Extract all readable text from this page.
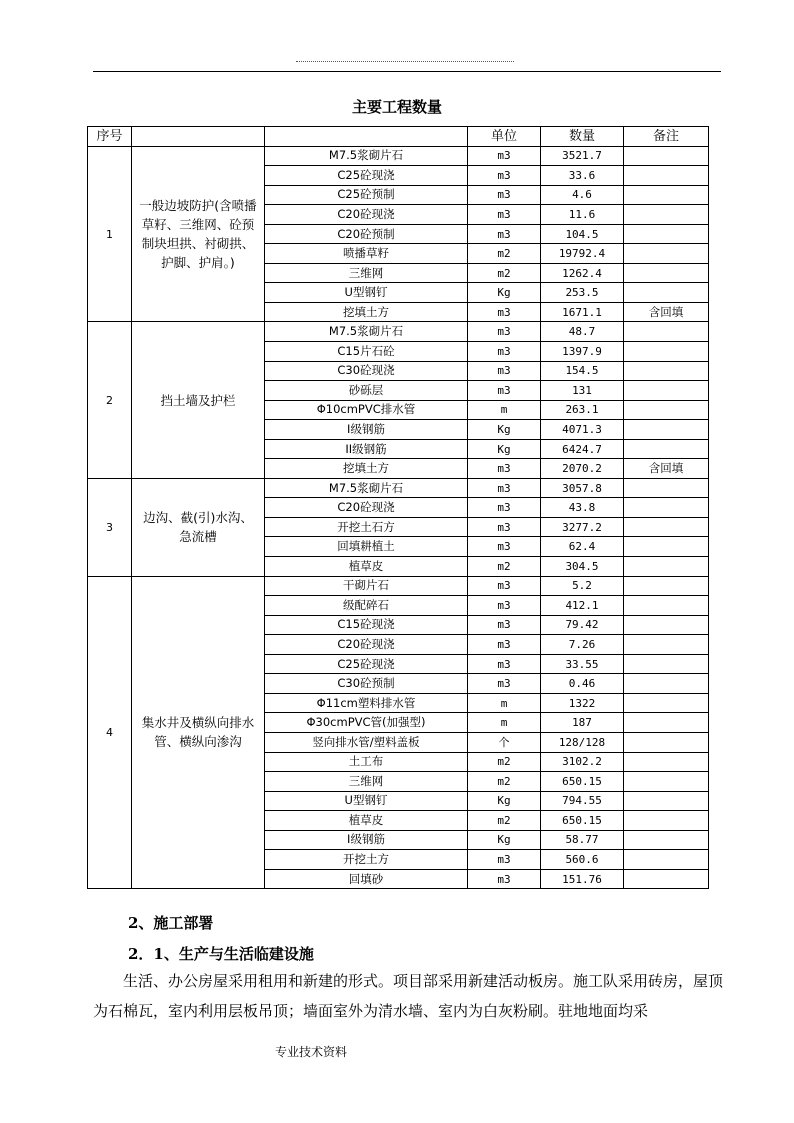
主要工程数量
序号			单位	数量	备注
1	一般边坡防护(含喷播草籽、三维网、砼预制块坦拱、衬砌拱、护脚、护肩。)	M7.5浆砌片石	m3	3521.7	
		C25砼现浇	m3	33.6	
		C25砼预制	m3	4.6	
		C20砼现浇	m3	11.6	
		C20砼预制	m3	104.5	
		喷播草籽	m2	19792.4	
		三维网	m2	1262.4	
		U型钢钉	Kg	253.5	
		挖填土方	m3	1671.1	含回填
2	挡土墙及护栏	M7.5浆砌片石	m3	48.7	
		C15片石砼	m3	1397.9	
		C30砼现浇	m3	154.5	
		砂砾层	m3	131	
		Φ10cmPVC排水管	m	263.1	
		I级钢筋	Kg	4071.3	
		II级钢筋	Kg	6424.7	
		挖填土方	m3	2070.2	含回填
3	边沟、截(引)水沟、急流槽	M7.5浆砌片石	m3	3057.8	
		C20砼现浇	m3	43.8	
		开挖土石方	m3	3277.2	
		回填耕植土	m3	62.4	
		植草皮	m2	304.5	
4	集水井及横纵向排水管、横纵向渗沟	干砌片石	m3	5.2	
		级配碎石	m3	412.1	
		C15砼现浇	m3	79.42	
		C20砼现浇	m3	7.26	
		C25砼现浇	m3	33.55	
		C30砼预制	m3	0.46	
		Φ11cm塑料排水管	m	1322	
		Φ30cmPVC管(加强型)	m	187	
		竖向排水管/塑料盖板	个	128/128	
		土工布	m2	3102.2	
		三维网	m2	650.15	
		U型钢钉	Kg	794.55	
		植草皮	m2	650.15	
		I级钢筋	Kg	58.77	
		开挖土方	m3	560.6	
		回填砂	m3	151.76	
2、施工部署
2．1、生产与生活临建设施
生活、办公房屋采用租用和新建的形式。项目部采用新建活动板房。施工队采用砖房，屋顶为石棉瓦，室内利用层板吊顶；墙面室外为清水墙、室内为白灰粉刷。驻地地面均采
专业技术资料
